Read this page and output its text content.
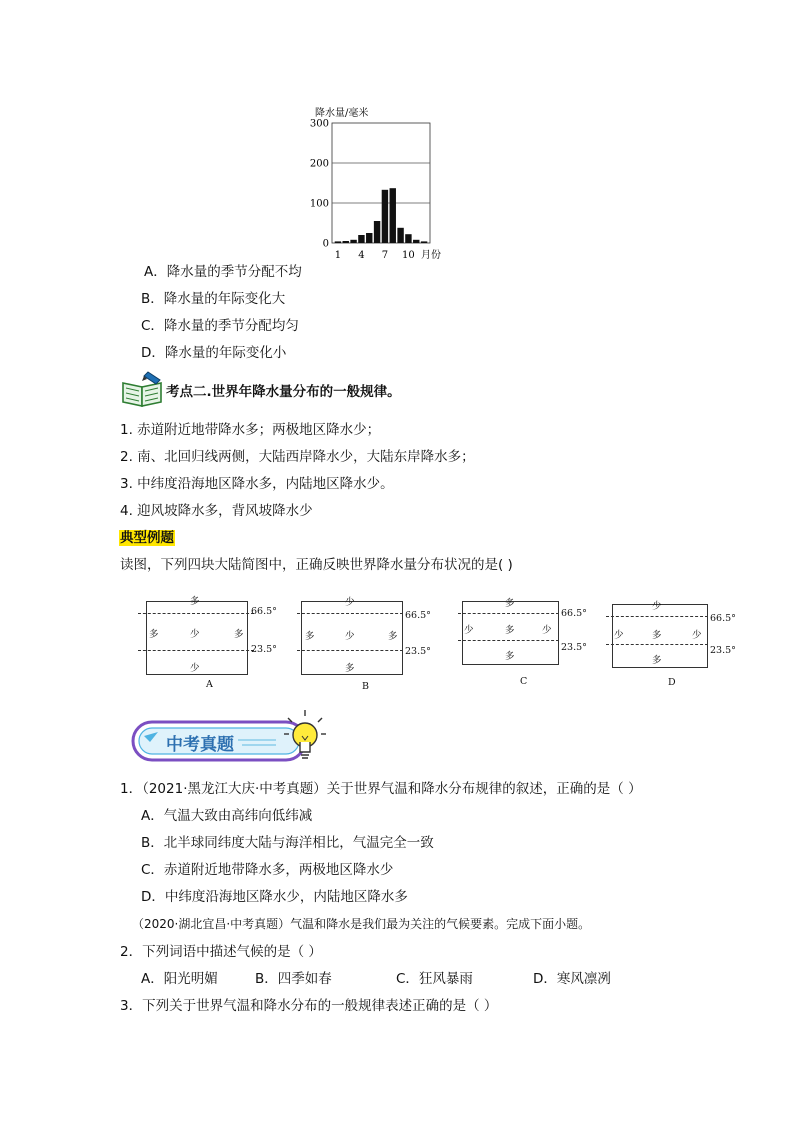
降水量/毫米
0
100
200
300
1 4 7 10 月份
A．降水量的季节分配不均
B．降水量的年际变化大
C．降水量的季节分配均匀
D．降水量的年际变化小
考点二.世界年降水量分布的一般规律。
1. 赤道附近地带降水多；两极地区降水少；
2. 南、北回归线两侧，大陆西岸降水少，大陆东岸降水多；
3. 中纬度沿海地区降水多，内陆地区降水少。
4. 迎风坡降水多，背风坡降水少
典型例题
读图，下列四块大陆简图中，正确反映世界降水量分布状况的是( )
多
多	少	多
少
66.5°
23.5°
A
少
多	少	多
多
66.5°
23.5°
B
多
少	多	少
多
66.5°
23.5°
C
少
少	多	少
多
66.5°
23.5°
D
中考真题
1．（2021·黑龙江大庆·中考真题）关于世界气温和降水分布规律的叙述，正确的是（ ）
A．气温大致由高纬向低纬减
B．北半球同纬度大陆与海洋相比，气温完全一致
C．赤道附近地带降水多，两极地区降水少
D．中纬度沿海地区降水少，内陆地区降水多
（2020·湖北宜昌·中考真题）气温和降水是我们最为关注的气候要素。完成下面小题。
2．下列词语中描述气候的是（ ）
A．阳光明媚	B．四季如春	C．狂风暴雨	D．寒风凛冽
3．下列关于世界气温和降水分布的一般规律表述正确的是（ ）
